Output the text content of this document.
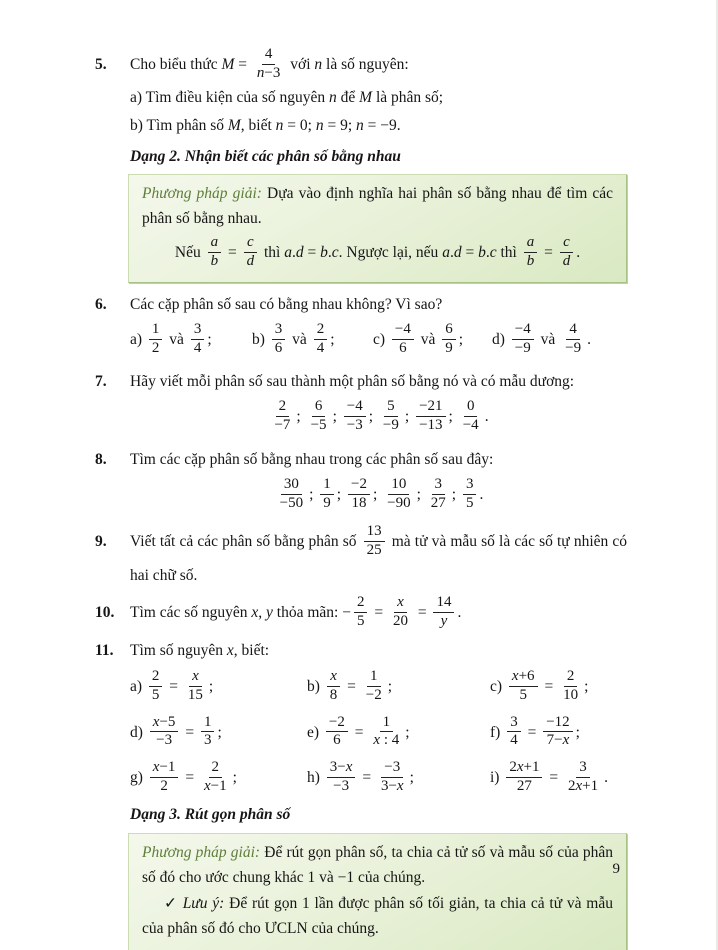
5.	Cho biểu thức $M = \frac{4}{n-3}$ với n là số nguyên:

a) Tìm điều kiện của số nguyên n để M là phân số;

b) Tìm phân số M, biết n = 0; n = 9; n = −9.

Dạng 2. Nhận biết các phân số bằng nhau

Phương pháp giải: Dựa vào định nghĩa hai phân số bằng nhau để tìm các phân số bằng nhau.

Nếu $\frac{a}{b} = \frac{c}{d}$ thì a.d = b.c. Ngược lại, nếu a.d = b.c thì $\frac{a}{b} = \frac{c}{d}$ .

6.	Các cặp phân số sau có bằng nhau không? Vì sao?

$a) \frac{1}{2}$ và $\frac{3}{4}$ ;	$b) \frac{3}{6}$ và $\frac{2}{4}$ ;	$c) \frac{-4}{6}$ và $\frac{6}{9}$ ;	$d) \frac{-4}{-9}$ và $\frac{4}{-9}$ .
7.	Hãy viết mỗi phân số sau thành một phân số bằng nó và có mẫu dương:

$\frac{2}{-7}$ ; $\frac{6}{-5}$ ; $\frac{-4}{-3}$ ; $\frac{5}{-9}$ ; $\frac{-21}{-13}$ ; $\frac{0}{-4}$ .

8.	Tìm các cặp phân số bằng nhau trong các phân số sau đây:

$\frac{30}{-50}$ ; $\frac{1}{9}$ ; $\frac{-2}{18}$ ; $\frac{10}{-90}$ ; $\frac{3}{27}$ ; $\frac{3}{5}$ .

9.	Viết tất cả các phân số bằng phân số $\frac{13}{25}$ mà tử và mẫu số là các số tự nhiên có hai chữ số.

10.	Tìm các số nguyên x, y thỏa mãn: − $\frac{2}{5} = \frac{x}{20} = \frac{14}{y}$ .

11.	Tìm số nguyên x, biết:

$a) \frac{2}{5} = \frac{x}{15}$ ;	$b) \frac{x}{8} = \frac{1}{-2}$ ;	$c) \frac{x+6}{5} = \frac{2}{10}$ ;
$d) \frac{x-5}{-3} = \frac{1}{3}$ ;	$e) \frac{-2}{6} = \frac{1}{x : 4}$ ;	$f) \frac{3}{4} = \frac{-12}{7-x}$ ;
$g) \frac{x-1}{2} = \frac{2}{x-1}$ ;	$h) \frac{3-x}{-3} = \frac{-3}{3-x}$ ;	$i) \frac{2x+1}{27} = \frac{3}{2x+1}$ .

Dạng 3. Rút gọn phân số

Phương pháp giải: Để rút gọn phân số, ta chia cả tử số và mẫu số của phân số đó cho ước chung khác 1 và −1 của chúng.

✓ Lưu ý: Để rút gọn 1 lần được phân số tối giản, ta chia cả tử và mẫu của phân số đó cho ƯCLN của chúng.

9
